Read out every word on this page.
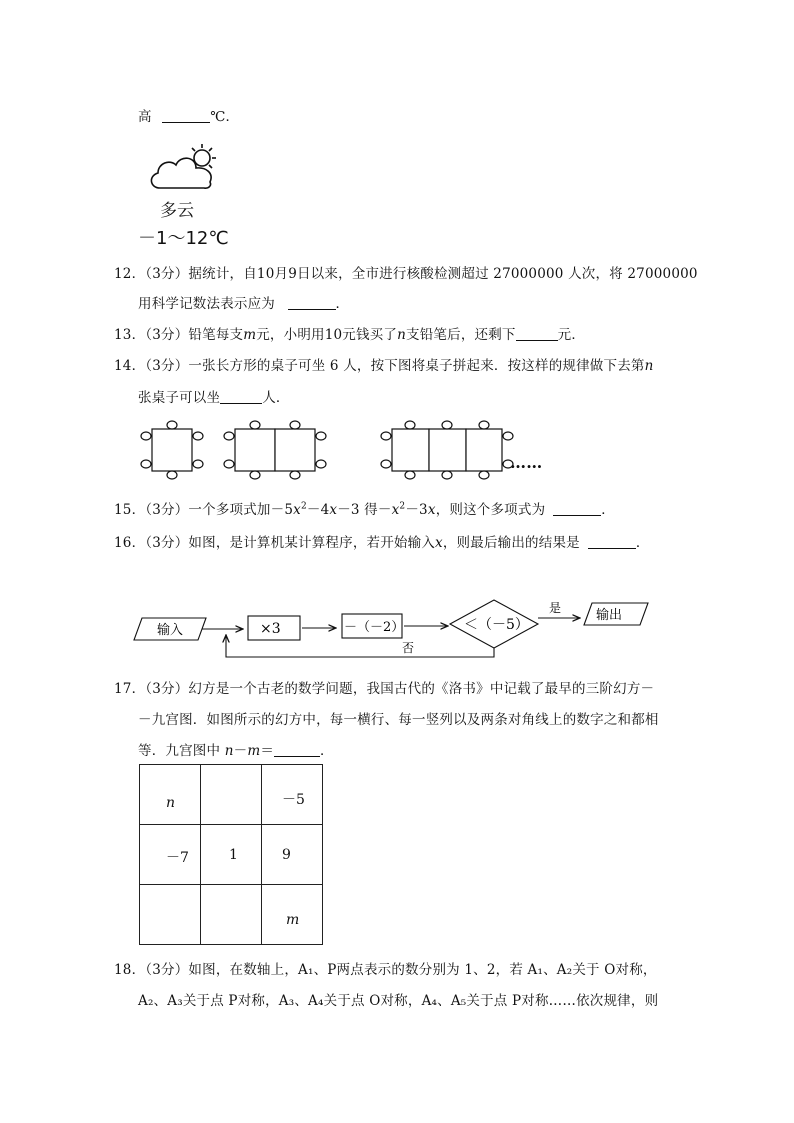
高	℃．
多云
－1～12℃
12．（3分）据统计，自10月9日以来，全市进行核酸检测超过 27000000 人次，将 27000000
用科学记数法表示应为	．
13．（3分）铅笔每支m元，小明用10元钱买了n支铅笔后，还剩下	元．
14．（3分）一张长方形的桌子可坐 6 人，按下图将桌子拼起来．按这样的规律做下去第n
张桌子可以坐	人．
……
15．（3分）一个多项式加$-5x^2-4x-3$ 得$-x^2-3x$，则这个多项式为	．
16．（3分）如图，是计算机某计算程序，若开始输入x，则最后输出的结果是	．
输入	×3	－（－2）	＜（－5）
是	输出
否
17．（3分）幻方是一个古老的数学问题，我国古代的《洛书》中记载了最早的三阶幻方－
－九宫图．如图所示的幻方中，每一横行、每一竖列以及两条对角线上的数字之和都相
等．九宫图中 n－m＝	．
n		－5

－7	1	9

		m
18．（3分）如图，在数轴上，A₁、P两点表示的数分别为 1、2，若 A₁、A₂关于 O对称，
A₂、A₃关于点 P对称，A₃、A₄关于点 O对称，A₄、A₅关于点 P对称……依次规律，则
